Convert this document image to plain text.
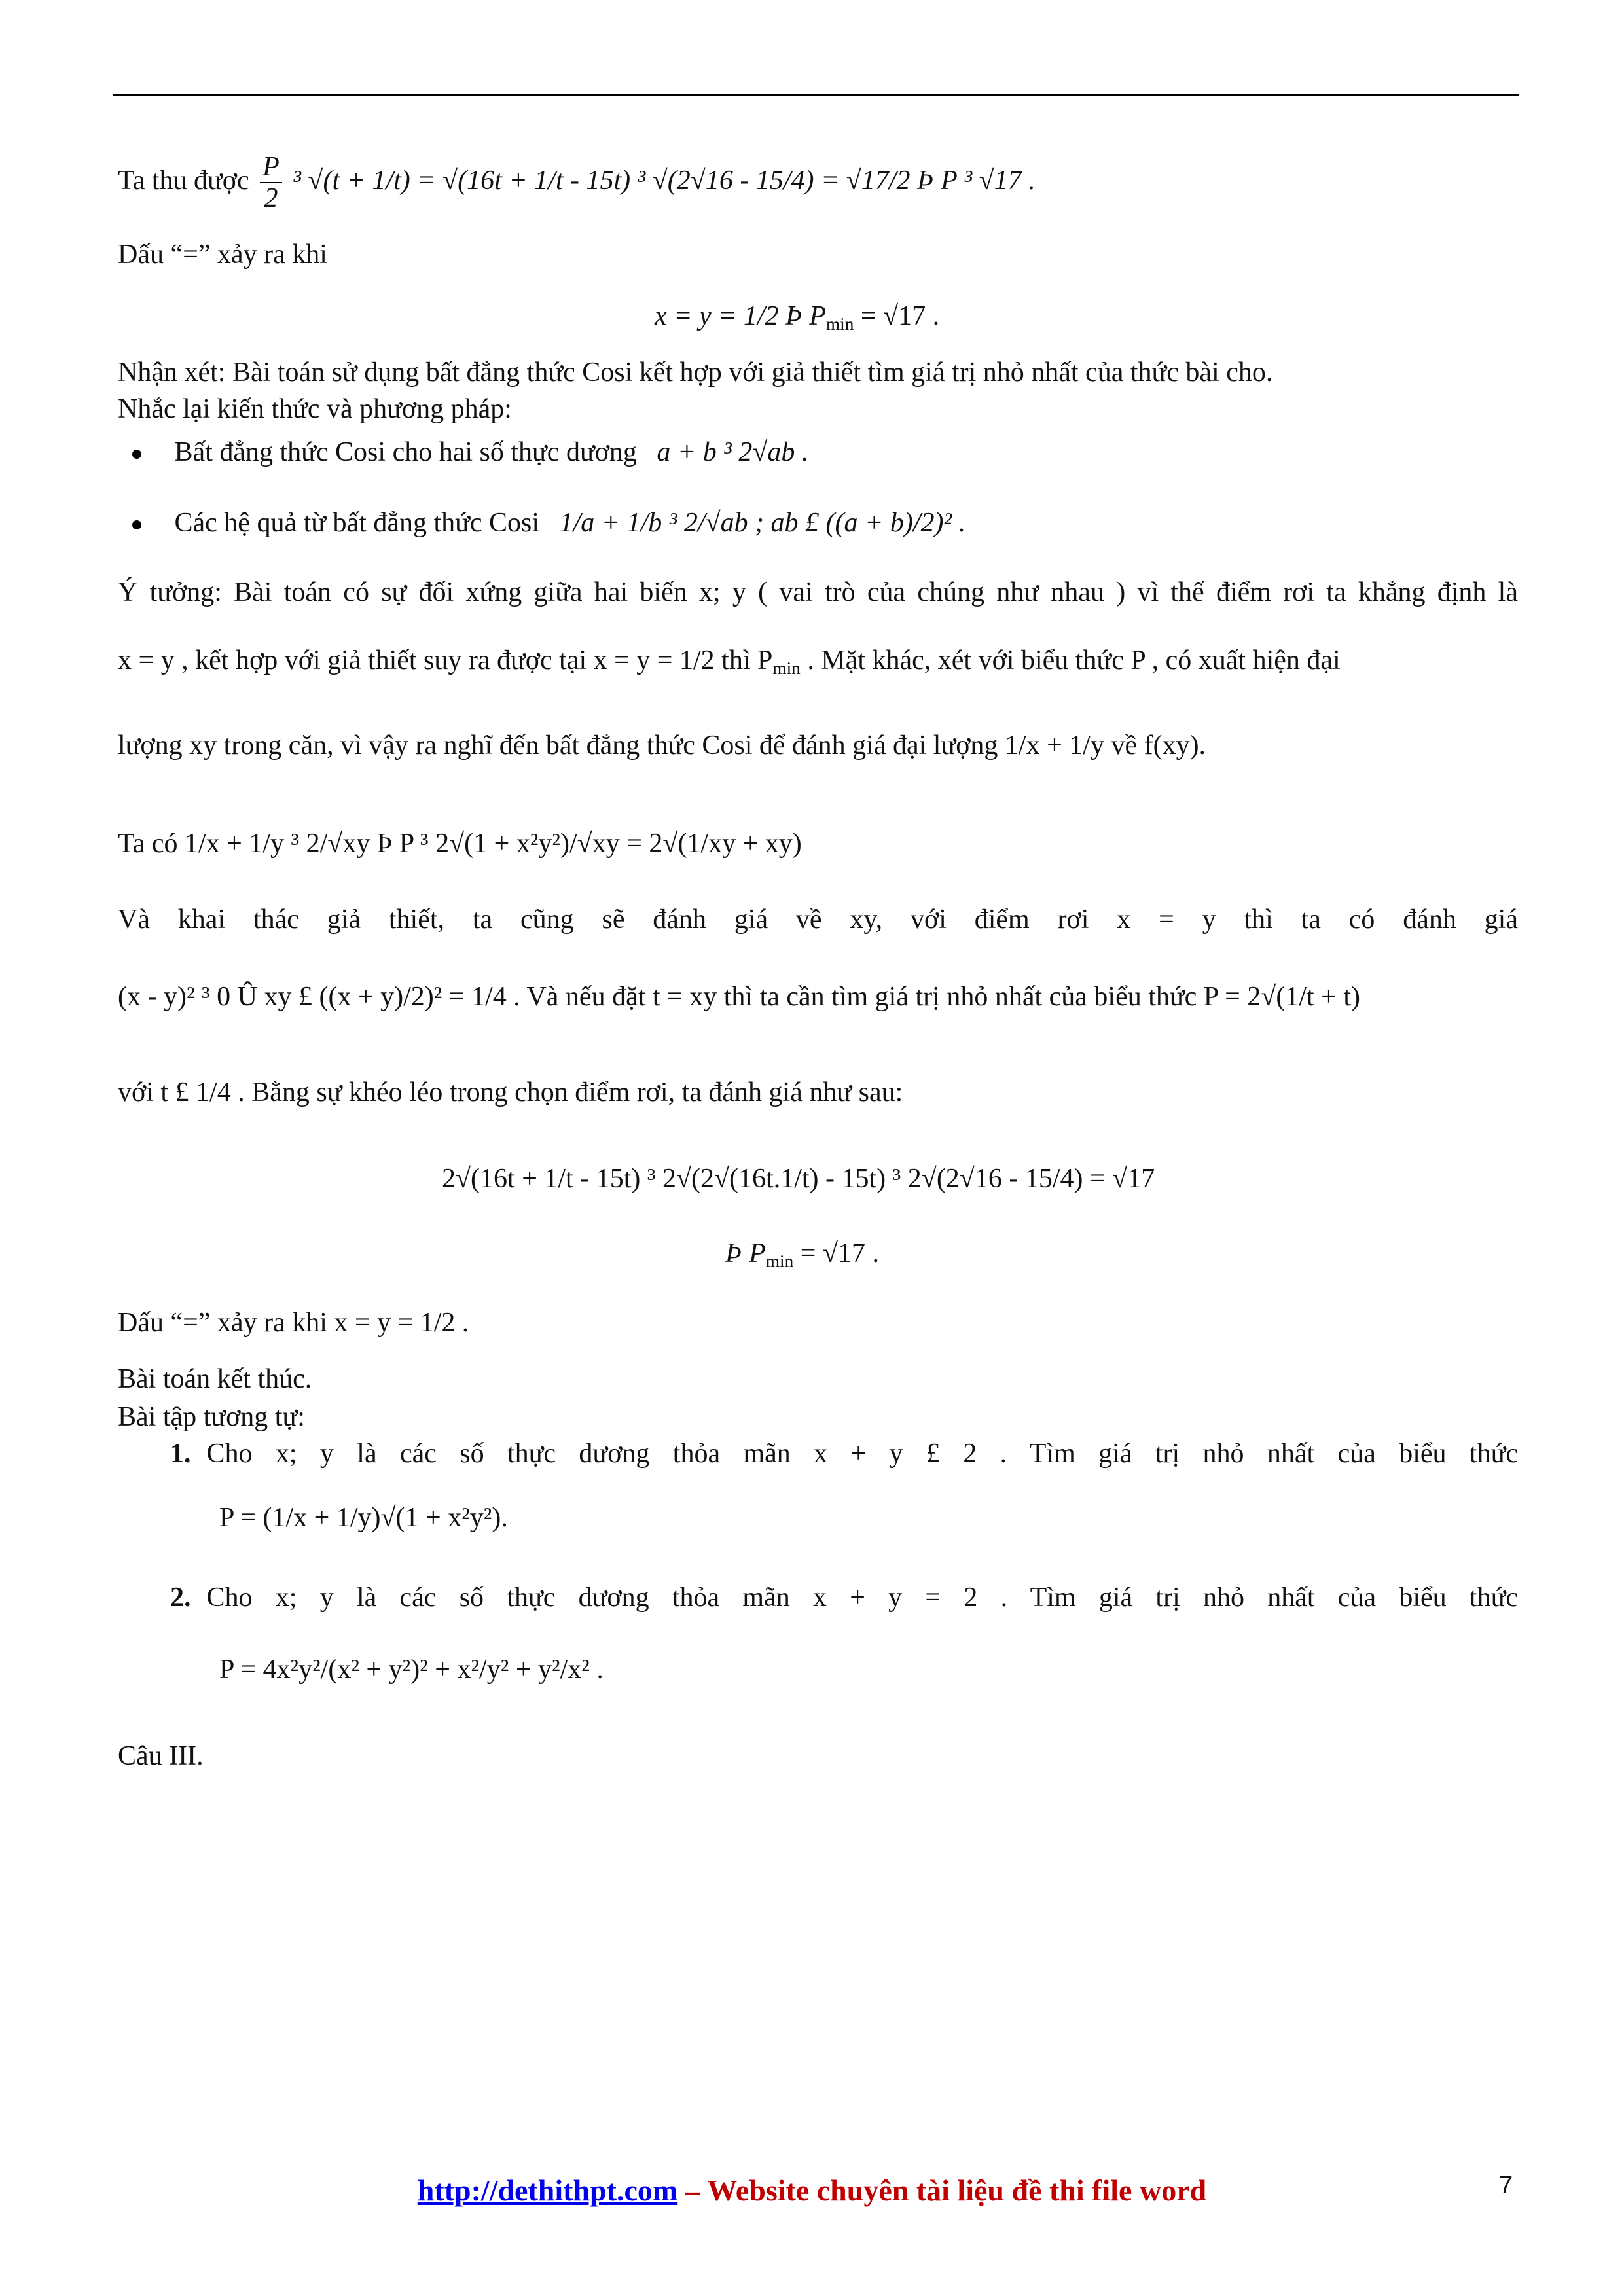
Ta thu được $\frac{P}{2} ^3$ √(t + 1/t) = √(16t + 1/t - 15t) ³ √(2√16 - 15/4) = √17/2 Þ P ³ √17 .
Dấu “=” xảy ra khi
x = y = 1/2 Þ $P_{min} = √17$ .
Nhận xét: Bài toán sử dụng bất đẳng thức Cosi kết hợp với giả thiết tìm giá trị nhỏ nhất của thức bài cho.
Nhắc lại kiến thức và phương pháp:
Bất đẳng thức Cosi cho hai số thực dương a + b ³ 2√ab .
Các hệ quả từ bất đẳng thức Cosi 1/a + 1/b ³ 2/√ab ; ab £ ((a + b)/2)² .
Ý tưởng: Bài toán có sự đối xứng giữa hai biến x; y ( vai trò của chúng như nhau ) vì thế điểm rơi ta khẳng định là
x = y , kết hợp với giả thiết suy ra được tại x = y = 1/2 thì $P_{min}$ . Mặt khác, xét với biểu thức P , có xuất hiện đại
lượng xy trong căn, vì vậy ra nghĩ đến bất đẳng thức Cosi để đánh giá đại lượng 1/x + 1/y về f(xy).
Ta có 1/x + 1/y ³ 2/√xy Þ P ³ 2√(1 + x²y²)/√xy = 2√(1/xy + xy)
Và khai thác giả thiết, ta cũng sẽ đánh giá về xy, với điểm rơi x = y thì ta có đánh giá
(x - y)² ³ 0 Û xy £ ((x + y)/2)² = 1/4 . Và nếu đặt t = xy thì ta cần tìm giá trị nhỏ nhất của biểu thức P = 2√(1/t + t)
với t £ 1/4 . Bằng sự khéo léo trong chọn điểm rơi, ta đánh giá như sau:
2√(16t + 1/t - 15t) ³ 2√(2√(16t.1/t) - 15t) ³ 2√(2√16 - 15/4) = √17
Þ $P_{min} = √17$ .
Dấu “=” xảy ra khi x = y = 1/2 .
Bài toán kết thúc.
Bài tập tương tự:
1. Cho x; y là các số thực dương thỏa mãn x + y £ 2 . Tìm giá trị nhỏ nhất của biểu thức
P = (1/x + 1/y)√(1 + x²y²).
2. Cho x; y là các số thực dương thỏa mãn x + y = 2 . Tìm giá trị nhỏ nhất của biểu thức
P = 4x²y²/(x² + y²)² + x²/y² + y²/x² .
Câu III.
http://dethithpt.com – Website chuyên tài liệu đề thi file word	7
